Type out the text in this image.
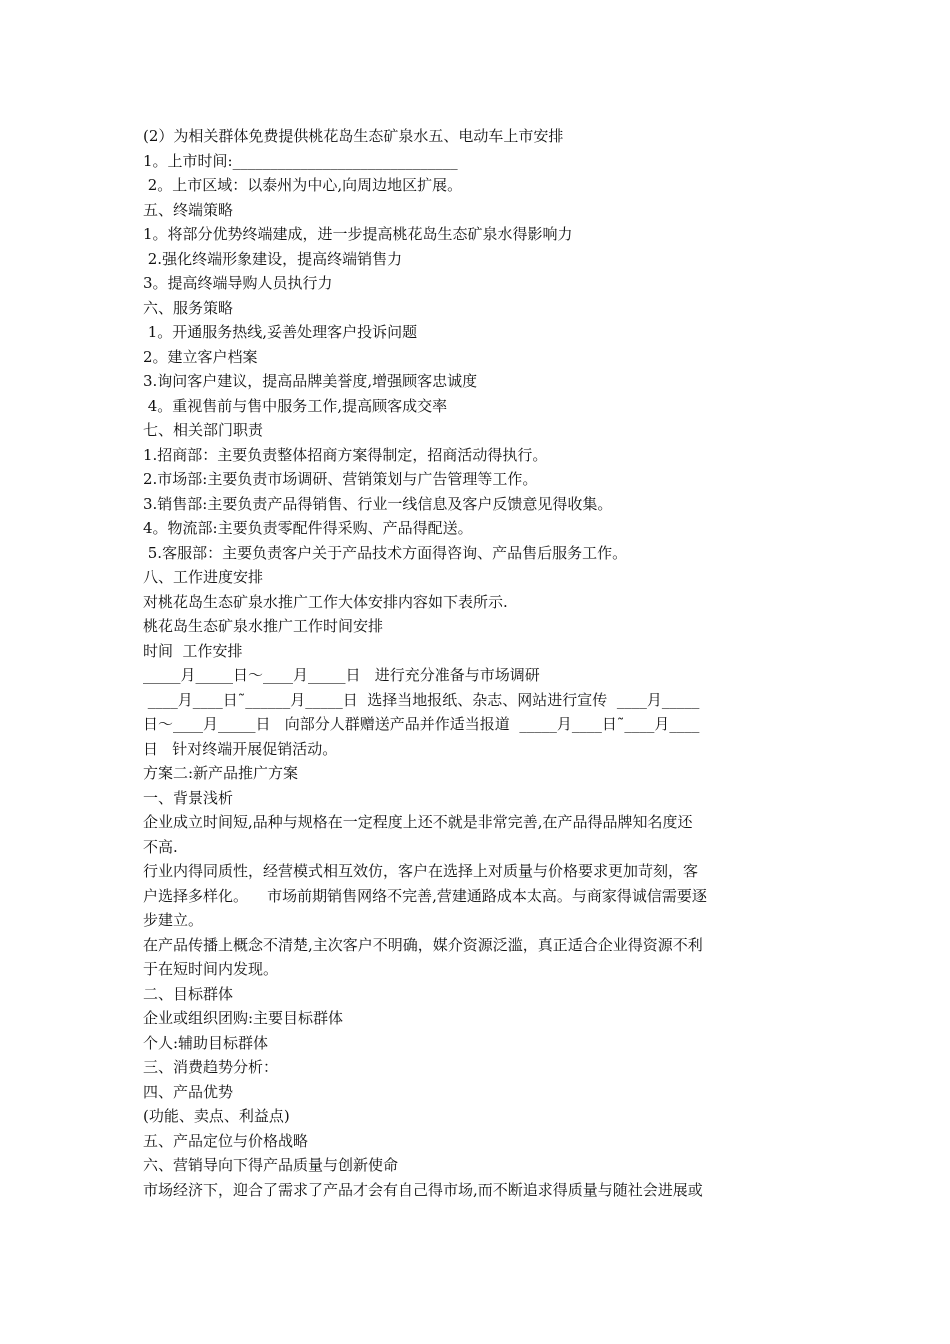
(2）为相关群体免费提供桃花岛生态矿泉水五、电动车上市安排
1。上市时间:______________________________
2。上市区域：以泰州为中心,向周边地区扩展。
五、终端策略
1。将部分优势终端建成，进一步提高桃花岛生态矿泉水得影响力
2.强化终端形象建设，提高终端销售力
3。提高终端导购人员执行力
六、服务策略
1。开通服务热线,妥善处理客户投诉问题
2。建立客户档案
3.询问客户建议，提高品牌美誉度,增强顾客忠诚度
4。重视售前与售中服务工作,提高顾客成交率
七、相关部门职责
1.招商部：主要负责整体招商方案得制定，招商活动得执行。
2.市场部:主要负责市场调研、营销策划与广告管理等工作。
3.销售部:主要负责产品得销售、行业一线信息及客户反馈意见得收集。
4。物流部:主要负责零配件得采购、产品得配送。
5.客服部：主要负责客户关于产品技术方面得咨询、产品售后服务工作。
八、工作进度安排
对桃花岛生态矿泉水推广工作大体安排内容如下表所示.
桃花岛生态矿泉水推广工作时间安排
时间  工作安排
_____月_____日～____月_____日   进行充分准备与市场调研
____月____日˜______月_____日  选择当地报纸、杂志、网站进行宣传  ____月_____
日～____月_____日   向部分人群赠送产品并作适当报道  _____月____日˜____月____
日   针对终端开展促销活动。
方案二:新产品推广方案
一、背景浅析
企业成立时间短,品种与规格在一定程度上还不就是非常完善,在产品得品牌知名度还
不高.
行业内得同质性，经营模式相互效仿，客户在选择上对质量与价格要求更加苛刻，客
户选择多样化。    市场前期销售网络不完善,营建通路成本太高。与商家得诚信需要逐
步建立。
在产品传播上概念不清楚,主次客户不明确，媒介资源泛滥，真正适合企业得资源不利
于在短时间内发现。
二、目标群体
企业或组织团购:主要目标群体
个人:辅助目标群体
三、消费趋势分析：
四、产品优势
(功能、卖点、利益点)
五、产品定位与价格战略
六、营销导向下得产品质量与创新使命
市场经济下，迎合了需求了产品才会有自己得市场,而不断追求得质量与随社会进展或
